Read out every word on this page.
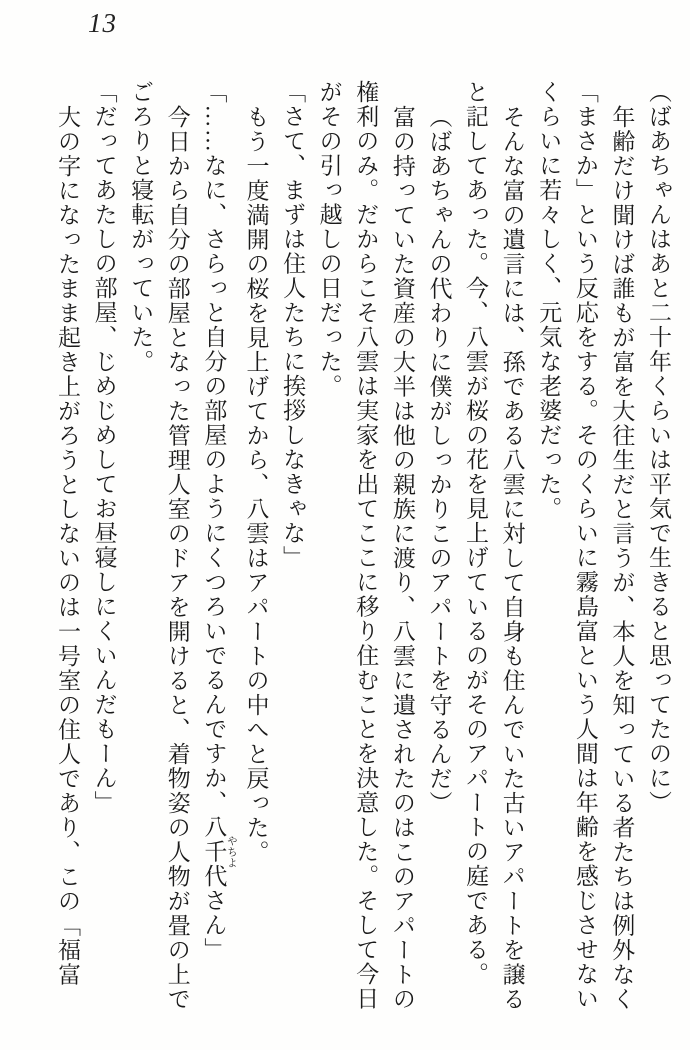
13

（ばあちゃんはあと二十年くらいは平気で生きると思ってたのに）

年齢だけ聞けば誰もが富を大往生だと言うが、本人を知っている者たちは例外なく

「まさか」という反応をする。そのくらいに霧島富という人間は年齢を感じさせない

くらいに若々しく、元気な老婆だった。

そんな富の遺言には、孫である八雲に対して自身も住んでいた古いアパートを譲る

と記してあった。今、八雲が桜の花を見上げているのがそのアパートの庭である。

（ばあちゃんの代わりに僕がしっかりこのアパートを守るんだ）

富の持っていた資産の大半は他の親族に渡り、八雲に遺されたのはこのアパートの

権利のみ。だからこそ八雲は実家を出てここに移り住むことを決意した。そして今日

がその引っ越しの日だった。

「さて、まずは住人たちに挨拶しなきゃな」

もう一度満開の桜を見上げてから、八雲はアパートの中へと戻った。

「……なに、さらっと自分の部屋のようにくつろいでるんですか、八千代 やちよさん」

今日から自分の部屋となった管理人室のドアを開けると、着物姿の人物が畳の上で

ごろりと寝転がっていた。

「だってあたしの部屋、じめじめしてお昼寝しにくいんだもーん」

大の字になったまま起き上がろうとしないのは一号室の住人であり、この「福富
